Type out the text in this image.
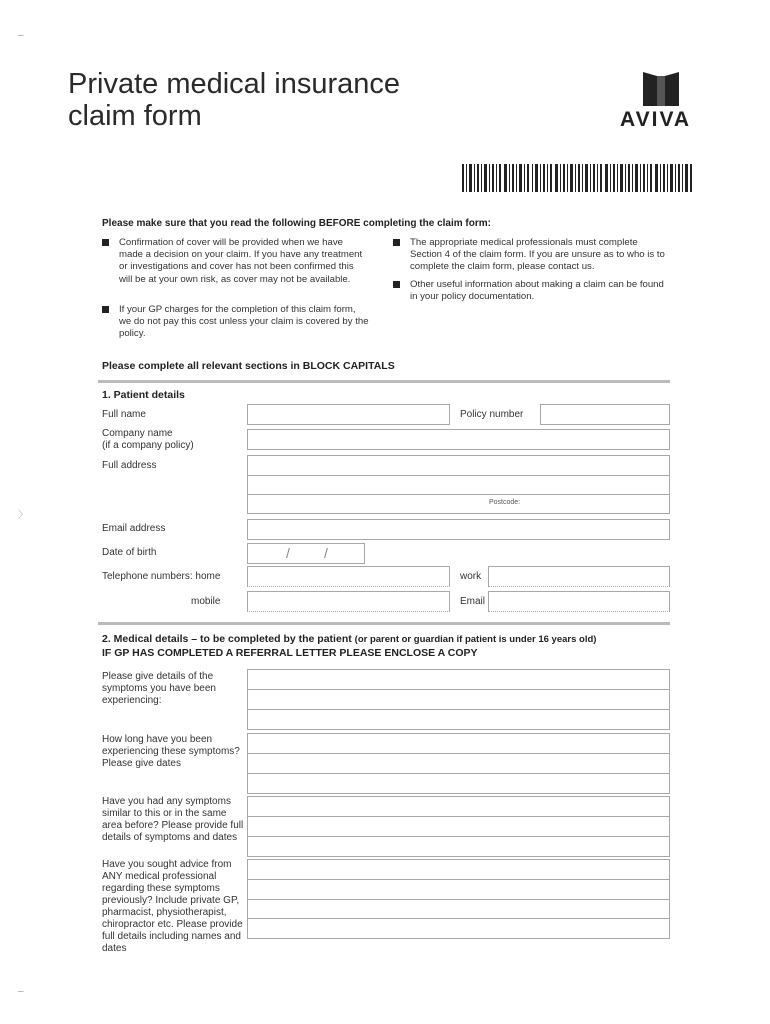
–
〉
–
Private medical insurance
claim form	AVIVA
Please make sure that you read the following BEFORE completing the claim form:
Confirmation of cover will be provided when we have made a decision on your claim. If you have any treatment or investigations and cover has not been confirmed this will be at your own risk, as cover may not be available.
If your GP charges for the completion of this claim form, we do not pay this cost unless your claim is covered by the policy.
The appropriate medical professionals must complete Section 4 of the claim form. If you are unsure as to who is to complete the claim form, please contact us.
Other useful information about making a claim can be found in your policy documentation.
Please complete all relevant sections in BLOCK CAPITALS
1. Patient details
Full name	Policy number
Company name
(if a company policy)
Full address
Postcode:
Email address
Date of birth	/ /
Telephone numbers: home	work
mobile	Email
2. Medical details – to be completed by the patient (or parent or guardian if patient is under 16 years old)
IF GP HAS COMPLETED A REFERRAL LETTER PLEASE ENCLOSE A COPY
Please give details of the symptoms you have been experiencing:
How long have you been experiencing these symptoms? Please give dates
Have you had any symptoms similar to this or in the same area before? Please provide full details of symptoms and dates
Have you sought advice from ANY medical professional regarding these symptoms previously? Include private GP, pharmacist, physiotherapist, chiropractor etc. Please provide full details including names and dates
